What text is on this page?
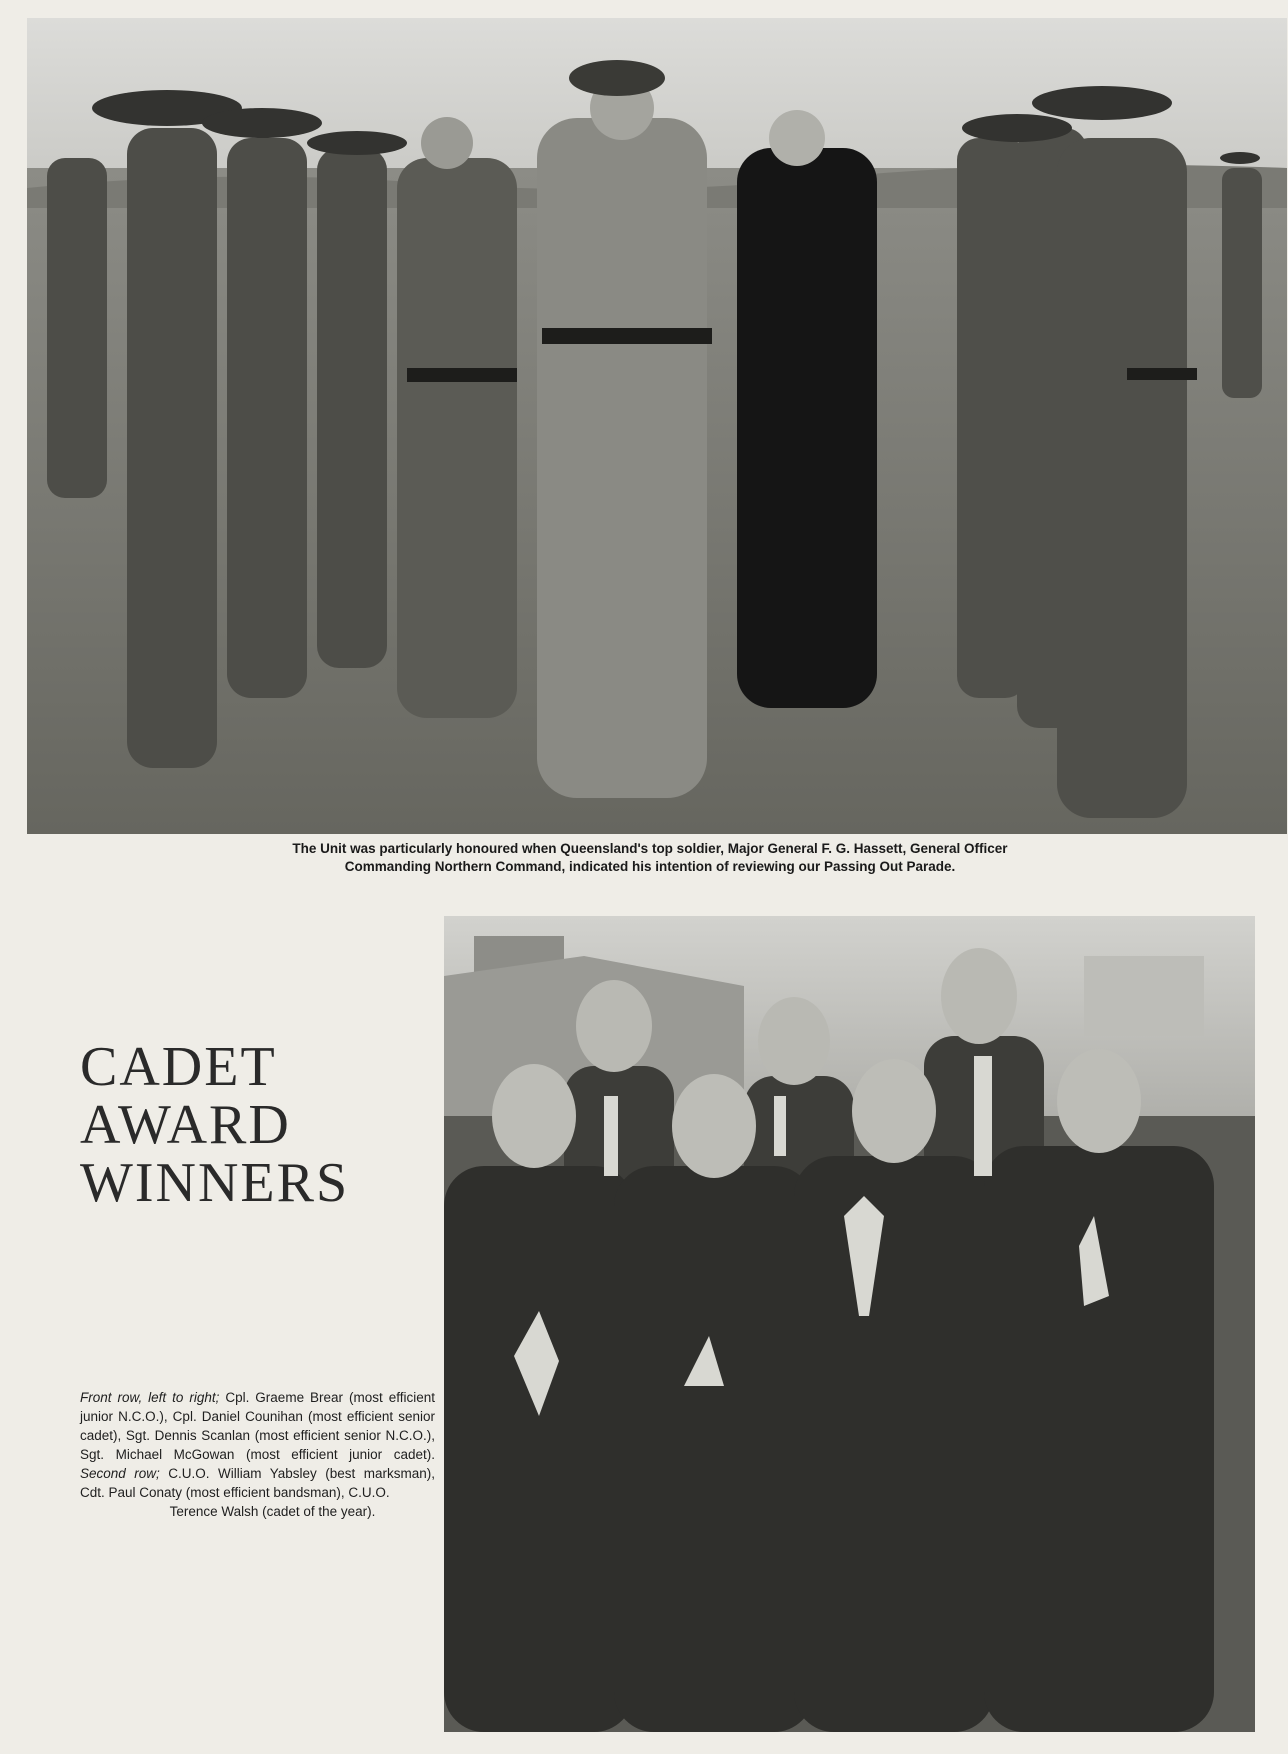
The Unit was particularly honoured when Queensland's top soldier, Major General F. G. Hassett, General Officer
Commanding Northern Command, indicated his intention of reviewing our Passing Out Parade.
CADET
AWARD
WINNERS

Front row, left to right; Cpl. Graeme Brear (most efficient junior N.C.O.), Cpl. Daniel Counihan (most efficient senior cadet), Sgt. Dennis Scanlan (most efficient senior N.C.O.), Sgt. Michael McGowan (most efficient junior cadet). Second row; C.U.O. William Yabsley (best marksman), Cdt. Paul Conaty (most efficient bandsman), C.U.O.

Terence Walsh (cadet of the year).
